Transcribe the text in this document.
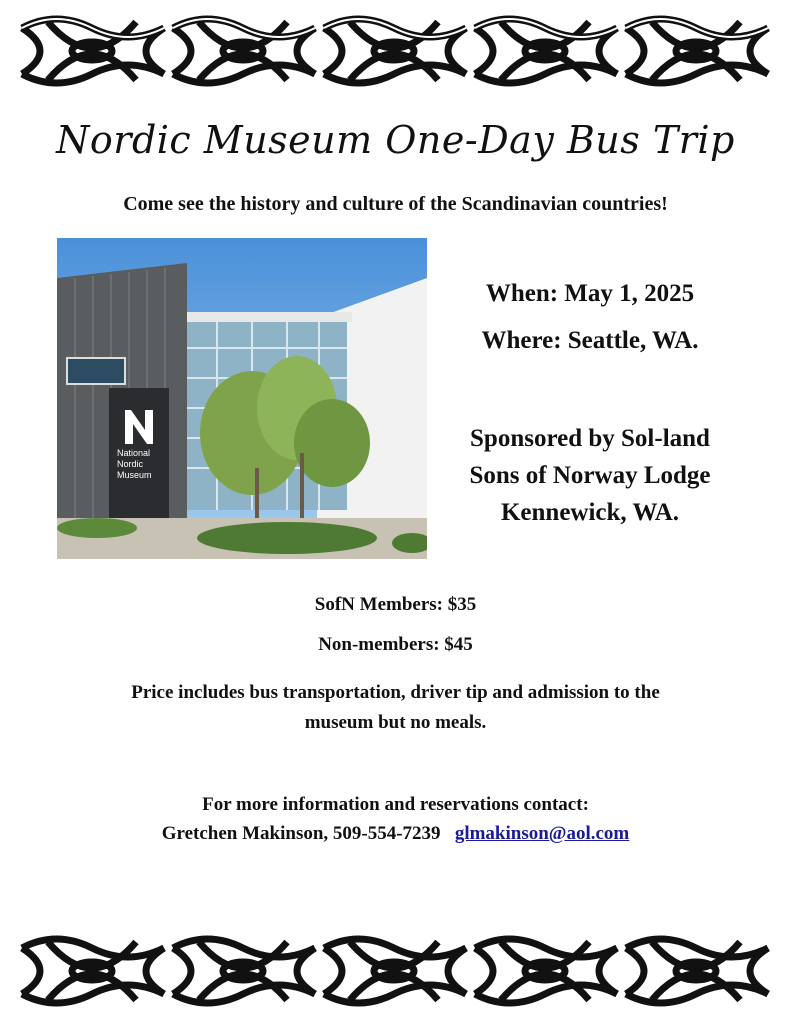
Nordic Museum One-Day Bus Trip
Come see the history and culture of the Scandinavian countries!
National
Nordic
Museum
When: May 1, 2025
Where: Seattle, WA.
Sponsored by Sol-land
Sons of Norway Lodge
Kennewick, WA.
SofN Members: $35
Non-members: $45
Price includes bus transportation, driver tip and admission to the
museum but no meals.
For more information and reservations contact:
Gretchen Makinson, 509-554-7239 glmakinson@aol.com
